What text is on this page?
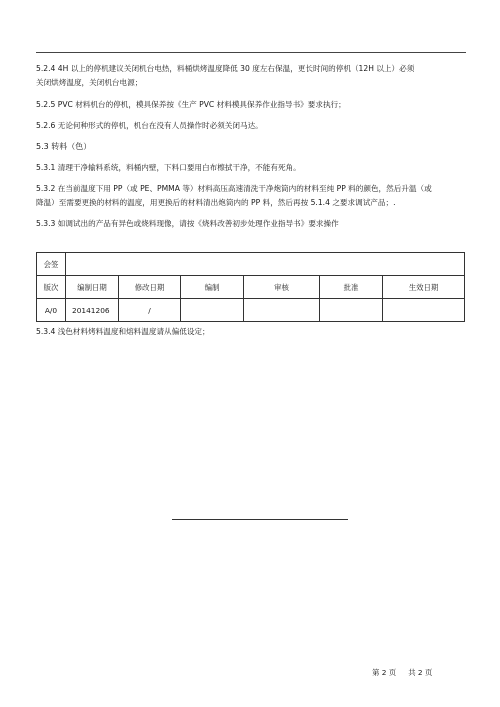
5.2.4 4H 以上的停机建议关闭机台电热，料桶烘烤温度降低 30 度左右保温，更长时间的停机（12H 以上）必须
关闭烘烤温度，关闭机台电源；
5.2.5 PVC 材料机台的停机，模具保养按《生产 PVC 材料模具保养作业指导书》要求执行；
5.2.6 无论何种形式的停机，机台在没有人员操作时必须关闭马达。
5.3 转料（色）
5.3.1 清理干净输料系统，料桶内壁，下料口要用白布檫拭干净，不能有死角。
5.3.2 在当前温度下用 PP（或 PE、PMMA 等）材料高压高速清洗干净炮筒内的材料至纯 PP 料的颜色，然后升温（或
降温）至需要更换的材料的温度，用更换后的材料清出炮筒内的 PP 料，然后再按 5.1.4 之要求调试产品；.
5.3.3 如调试出的产品有异色或烧料现像，请按《烧料改善初步处理作业指导书》要求操作
会签						
版次	编制日期	修改日期	编制	审核	批准	生效日期
A/0	20141206	/				
5.3.4 浅色材料烤料温度和熔料温度请从偏低设定；
第 2 页 共 2 页
